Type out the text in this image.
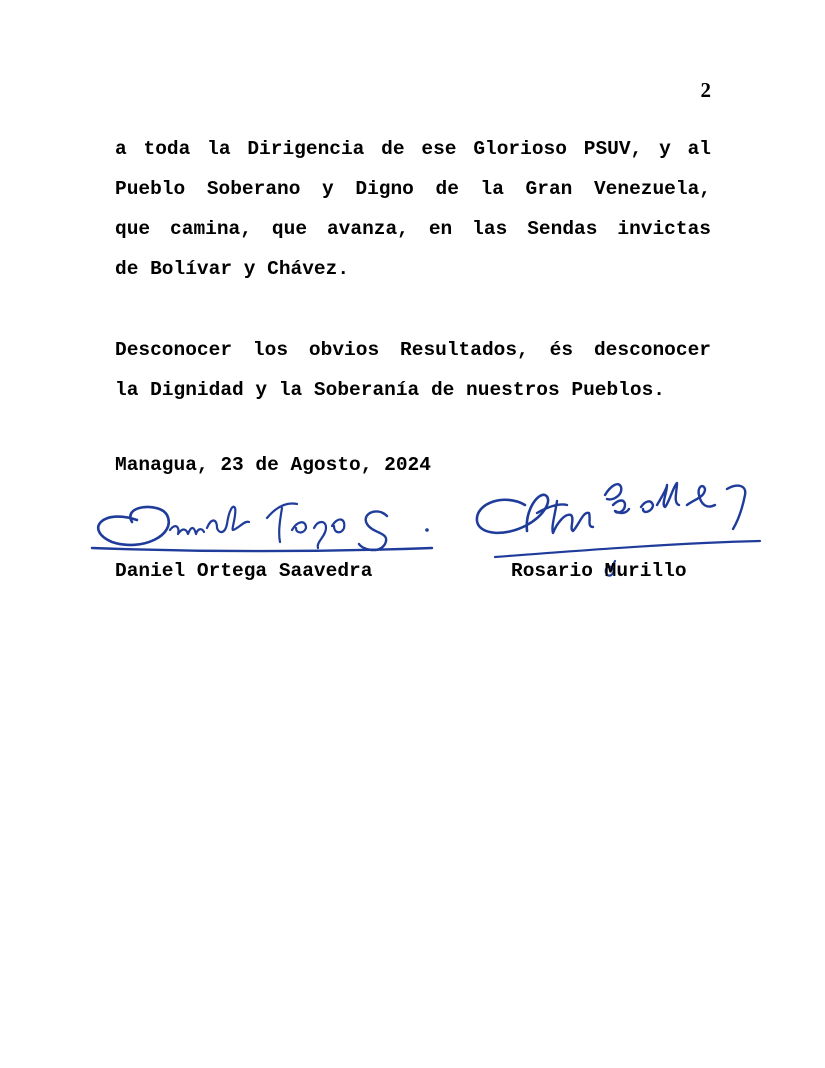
2
a toda la Dirigencia de ese Glorioso PSUV, y al
Pueblo Soberano y Digno de la Gran Venezuela,
que camina, que avanza, en las Sendas invictas
de Bolívar y Chávez.
Desconocer los obvios Resultados, és desconocer
la Dignidad y la Soberanía de nuestros Pueblos.
Managua, 23 de Agosto, 2024
Daniel Ortega Saavedra	Rosario Murillo
